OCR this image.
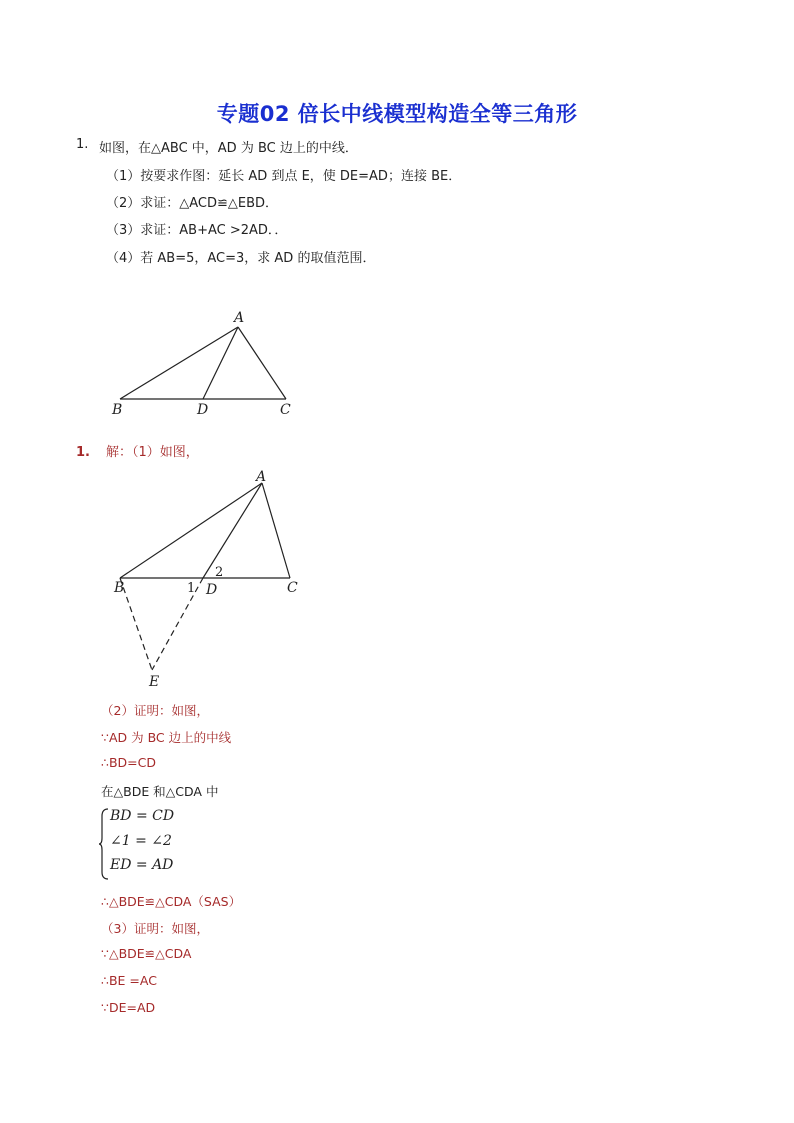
专题02 倍长中线模型构造全等三角形
1. 如图，在△ABC 中，AD 为 BC 边上的中线．
（1）按要求作图：延长 AD 到点 E，使 DE=AD；连接 BE．
（2）求证：△ACD≌△EBD．
（3）求证：AB+AC >2AD．．
（4）若 AB=5，AC=3，求 AD 的取值范围．
A
B	D	C
1. 解：（1）如图，
A
B	D	C
E
1
2
（2）证明：如图，
∵AD 为 BC 边上的中线
∴BD=CD
在△BDE 和△CDA 中
BD = CD
∠1 = ∠2
ED = AD
∴△BDE≌△CDA（SAS）
（3）证明：如图，
∵△BDE≌△CDA
∴BE =AC
∵DE=AD
